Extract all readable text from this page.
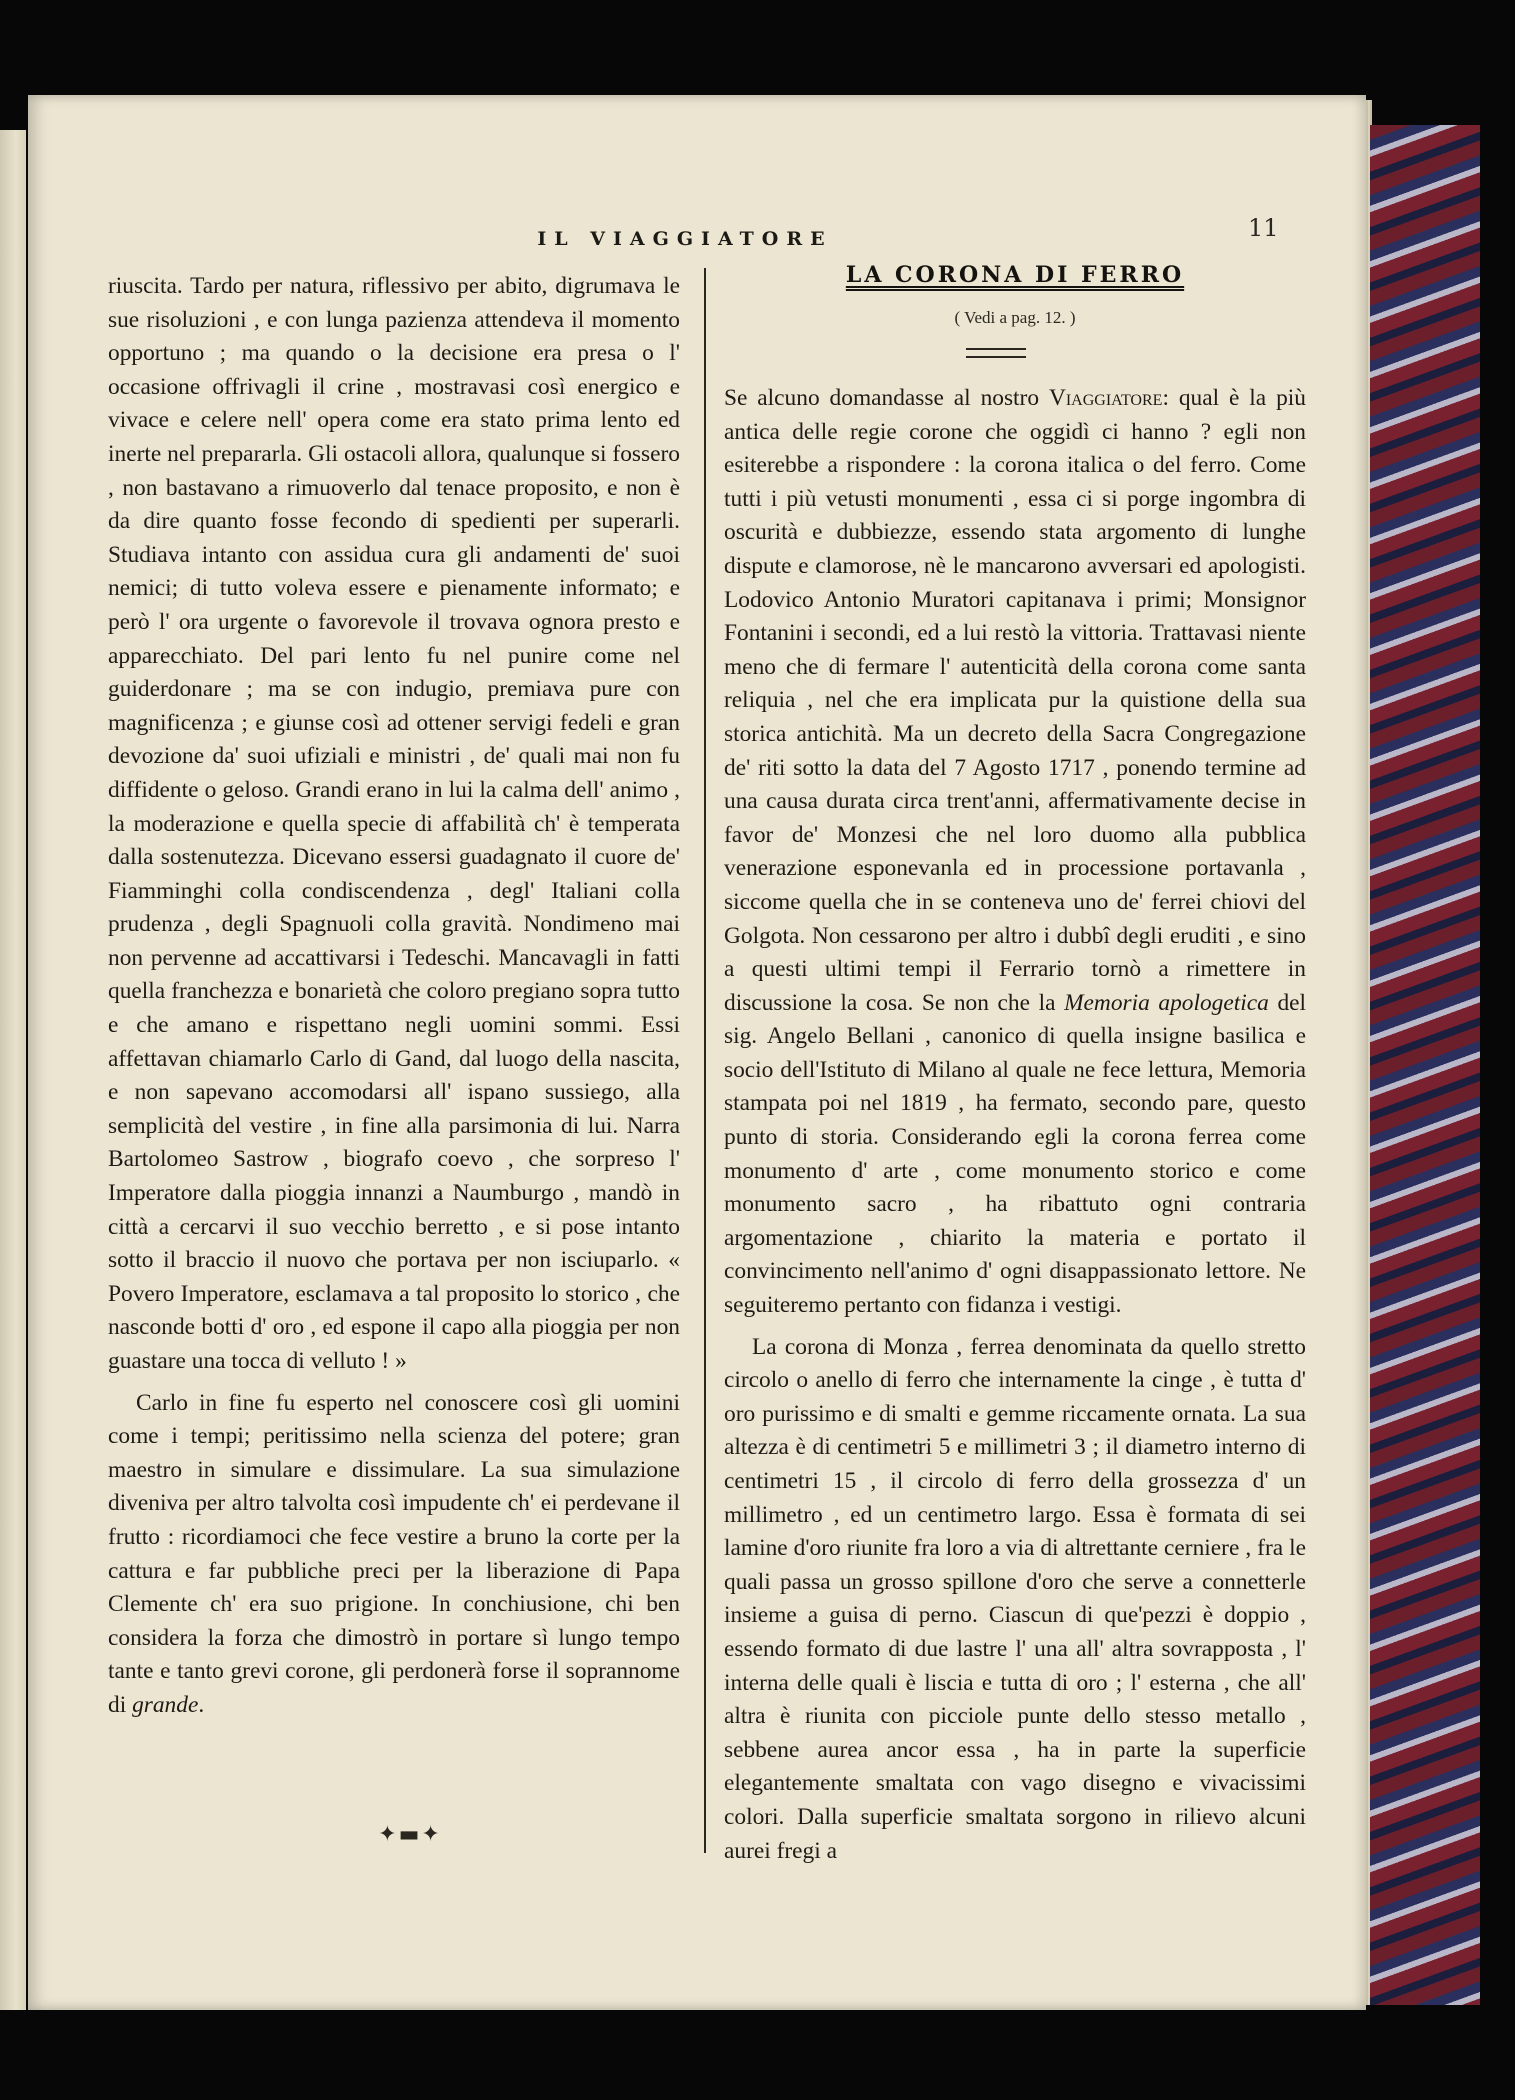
IL VIAGGIATORE	11

riuscita. Tardo per natura, riflessivo per abito, digrumava le sue risoluzioni , e con lunga pazienza attendeva il momento opportuno ; ma quando o la decisione era presa o l' occasione offrivagli il crine , mostravasi così energico e vivace e celere nell' opera come era stato prima lento ed inerte nel prepararla. Gli ostacoli allora, qualunque si fossero , non bastavano a rimuoverlo dal tenace proposito, e non è da dire quanto fosse fecondo di spedienti per superarli. Studiava intanto con assidua cura gli andamenti de' suoi nemici; di tutto voleva essere e pienamente informato; e però l' ora urgente o favorevole il trovava ognora presto e apparecchiato. Del pari lento fu nel punire come nel guiderdonare ; ma se con indugio, premiava pure con magnificenza ; e giunse così ad ottener servigi fedeli e gran devozione da' suoi ufiziali e ministri , de' quali mai non fu diffidente o geloso. Grandi erano in lui la calma dell' animo , la moderazione e quella specie di affabilità ch' è temperata dalla sostenutezza. Dicevano essersi guadagnato il cuore de' Fiamminghi colla condiscendenza , degl' Italiani colla prudenza , degli Spagnuoli colla gravità. Nondimeno mai non pervenne ad accattivarsi i Tedeschi. Mancavagli in fatti quella franchezza e bonarietà che coloro pregiano sopra tutto e che amano e rispettano negli uomini sommi. Essi affettavan chiamarlo Carlo di Gand, dal luogo della nascita, e non sapevano accomodarsi all' ispano sussiego, alla semplicità del vestire , in fine alla parsimonia di lui. Narra Bartolomeo Sastrow , biografo coevo , che sorpreso l' Imperatore dalla pioggia innanzi a Naumburgo , mandò in città a cercarvi il suo vecchio berretto , e si pose intanto sotto il braccio il nuovo che portava per non isciuparlo. « Povero Imperatore, esclamava a tal proposito lo storico , che nasconde botti d' oro , ed espone il capo alla pioggia per non guastare una tocca di velluto ! »

Carlo in fine fu esperto nel conoscere così gli uomini come i tempi; peritissimo nella scienza del potere; gran maestro in simulare e dissimulare. La sua simulazione diveniva per altro talvolta così impudente ch' ei perdevane il frutto : ricordiamoci che fece vestire a bruno la corte per la cattura e far pubbliche preci per la liberazione di Papa Clemente ch' era suo prigione. In conchiusione, chi ben considera la forza che dimostrò in portare sì lungo tempo tante e tanto grevi corone, gli perdonerà forse il soprannome di grande.

✦▬✦
LA CORONA DI FERRO
( Vedi a pag. 12. )

Se alcuno domandasse al nostro Viaggiatore: qual è la più antica delle regie corone che oggidì ci hanno ? egli non esiterebbe a rispondere : la corona italica o del ferro. Come tutti i più vetusti monumenti , essa ci si porge ingombra di oscurità e dubbiezze, essendo stata argomento di lunghe dispute e clamorose, nè le mancarono avversari ed apologisti. Lodovico Antonio Muratori capitanava i primi; Monsignor Fontanini i secondi, ed a lui restò la vittoria. Trattavasi niente meno che di fermare l' autenticità della corona come santa reliquia , nel che era implicata pur la quistione della sua storica antichità. Ma un decreto della Sacra Congregazione de' riti sotto la data del 7 Agosto 1717 , ponendo termine ad una causa durata circa trent'anni, affermativamente decise in favor de' Monzesi che nel loro duomo alla pubblica venerazione esponevanla ed in processione portavanla , siccome quella che in se conteneva uno de' ferrei chiovi del Golgota. Non cessarono per altro i dubbî degli eruditi , e sino a questi ultimi tempi il Ferrario tornò a rimettere in discussione la cosa. Se non che la Memoria apologetica del sig. Angelo Bellani , canonico di quella insigne basilica e socio dell'Istituto di Milano al quale ne fece lettura, Memoria stampata poi nel 1819 , ha fermato, secondo pare, questo punto di storia. Considerando egli la corona ferrea come monumento d' arte , come monumento storico e come monumento sacro , ha ribattuto ogni contraria argomentazione , chiarito la materia e portato il convincimento nell'animo d' ogni disappassionato lettore. Ne seguiteremo pertanto con fidanza i vestigi.

La corona di Monza , ferrea denominata da quello stretto circolo o anello di ferro che internamente la cinge , è tutta d' oro purissimo e di smalti e gemme riccamente ornata. La sua altezza è di centimetri 5 e millimetri 3 ; il diametro interno di centimetri 15 , il circolo di ferro della grossezza d' un millimetro , ed un centimetro largo. Essa è formata di sei lamine d'oro riunite fra loro a via di altrettante cerniere , fra le quali passa un grosso spillone d'oro che serve a connetterle insieme a guisa di perno. Ciascun di que'pezzi è doppio , essendo formato di due lastre l' una all' altra sovrapposta , l' interna delle quali è liscia e tutta di oro ; l' esterna , che all' altra è riunita con picciole punte dello stesso metallo , sebbene aurea ancor essa , ha in parte la superficie elegantemente smaltata con vago disegno e vivacissimi colori. Dalla superficie smaltata sorgono in rilievo alcuni aurei fregi a
